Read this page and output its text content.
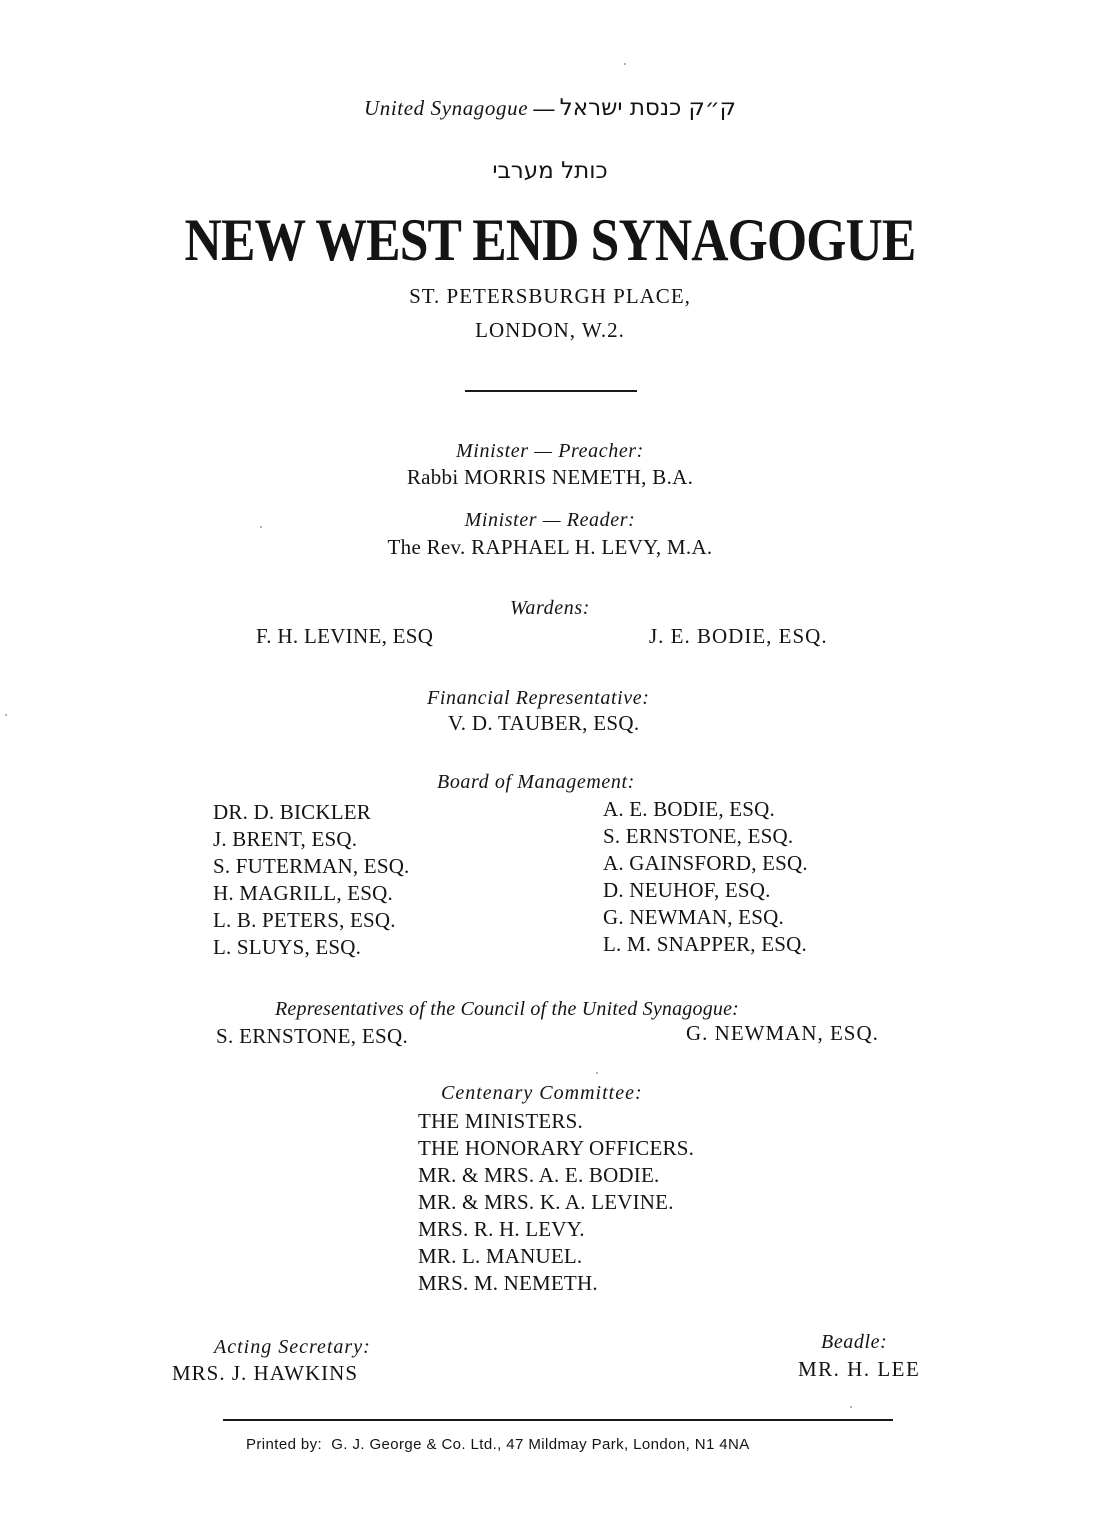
United Synagogue — ק״ק כנסת ישראל
כותל מערבי
NEW WEST END SYNAGOGUE
ST. PETERSBURGH PLACE,
LONDON, W.2.
Minister — Preacher:
Rabbi MORRIS NEMETH, B.A.
Minister — Reader:
The Rev. RAPHAEL H. LEVY, M.A.
Wardens:
F. H. LEVINE, ESQ	J. E. BODIE, ESQ.
Financial Representative:
V. D. TAUBER, ESQ.
Board of Management:
DR. D. BICKLER
J. BRENT, ESQ.
S. FUTERMAN, ESQ.
H. MAGRILL, ESQ.
L. B. PETERS, ESQ.
L. SLUYS, ESQ.
A. E. BODIE, ESQ.
S. ERNSTONE, ESQ.
A. GAINSFORD, ESQ.
D. NEUHOF, ESQ.
G. NEWMAN, ESQ.
L. M. SNAPPER, ESQ.
Representatives of the Council of the United Synagogue:
S. ERNSTONE, ESQ.	G. NEWMAN, ESQ.
Centenary Committee:
THE MINISTERS.
THE HONORARY OFFICERS.
MR. & MRS. A. E. BODIE.
MR. & MRS. K. A. LEVINE.
MRS. R. H. LEVY.
MR. L. MANUEL.
MRS. M. NEMETH.
Acting Secretary:
MRS. J. HAWKINS
Beadle:
MR. H. LEE
Printed by:  G. J. George & Co. Ltd., 47 Mildmay Park, London, N1 4NA
